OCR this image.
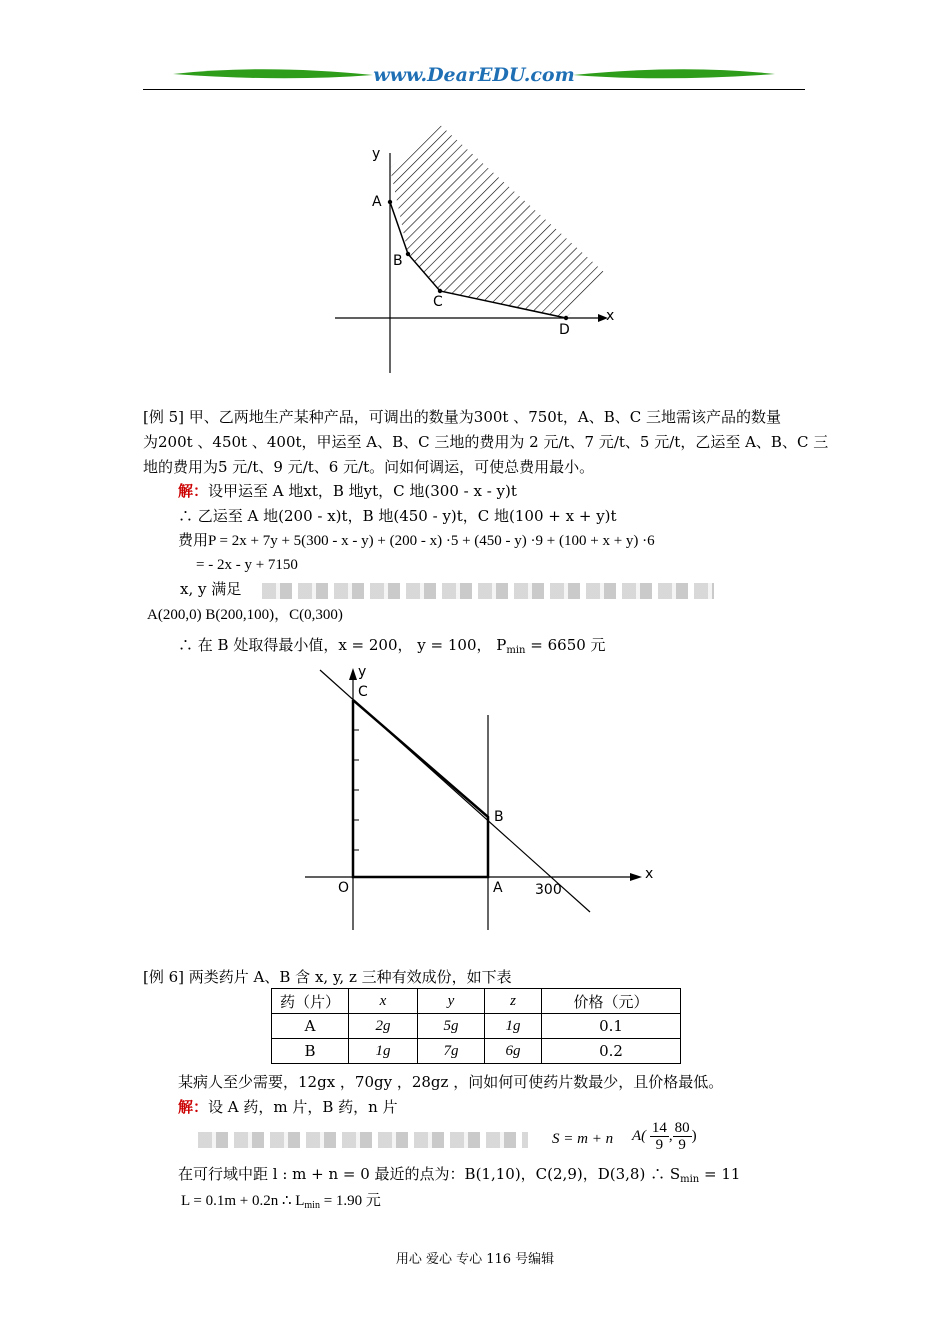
www.DearEDU.com
y
A
B
C
D
x
[例 5] 甲、乙两地生产某种产品，可调出的数量为300t 、750t，A、B、C 三地需该产品的数量
为200t 、450t 、400t，甲运至 A、B、C 三地的费用为 2 元/t、7 元/t、5 元/t，乙运至 A、B、C 三
地的费用为5 元/t、9 元/t、6 元/t。问如何调运，可使总费用最小。
解：设甲运至 A 地xt，B 地yt，C 地(300 - x - y)t
∴ 乙运至 A 地(200 - x)t，B 地(450 - y)t，C 地(100 + x + y)t
费用P = 2x + 7y + 5(300 - x - y) + (200 - x) ·5 + (450 - y) ·9 + (100 + x + y) ·6
= - 2x - y + 7150
x, y 满足
A(200,0) B(200,100)，C(0,300)
∴ 在 B 处取得最小值，x = 200， y = 100， $P_{min} = 6650$ 元
y
C
B
O	A 300
x
[例 6] 两类药片 A、B 含 x, y, z 三种有效成份，如下表
药（片）	x	y	z	价格（元）
A	2g	5g	1g	0.1
B	1g	7g	6g	0.2
某病人至少需要，12gx ，70gy ，28gz ，问如何可使药片数最少，且价格最低。
解：设 A 药，m 片，B 药，n 片
S = m + n $A( \frac{14}{9}$ , $\frac{80}{9}$ )
在可行域中距 l : m + n = 0 最近的点为：B(1,10)，C(2,9)，D(3,8) ∴ $S_{min} = 11$
L = 0.1m + 0.2n ∴ $L_{min} = 1.90$ 元
用心 爱心 专心 116 号编辑
